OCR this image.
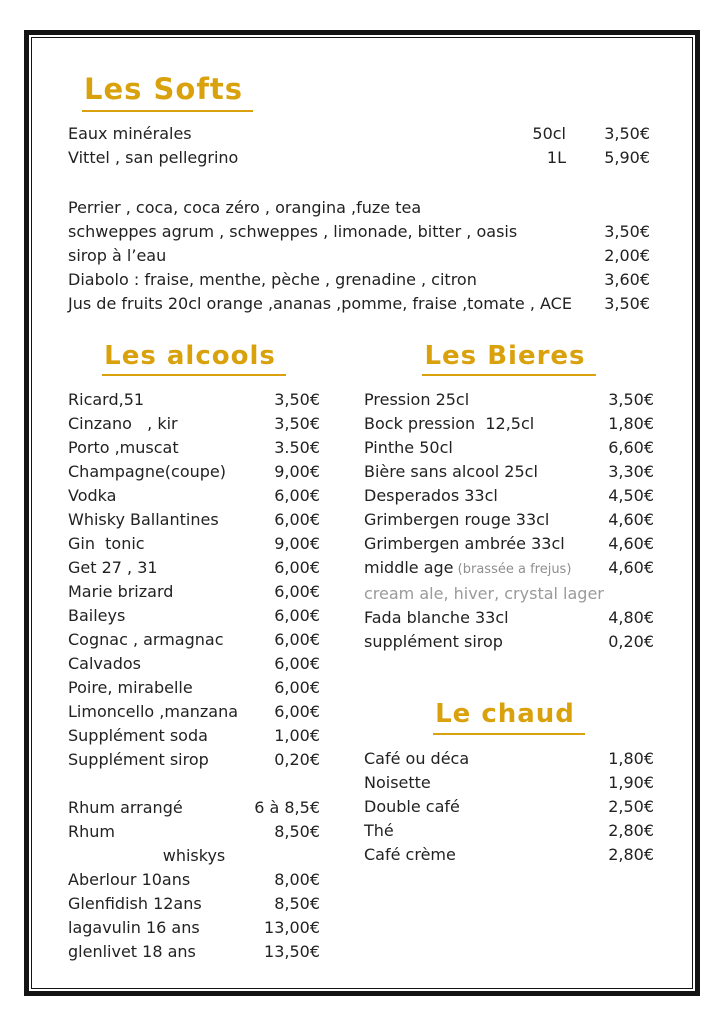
Les Softs
Eaux minérales	50cl	3,50€
Vittel , san pellegrino	1L	5,90€
Perrier , coca, coca zéro , orangina ,fuze tea
schweppes agrum , schweppes , limonade, bitter , oasis	3,50€
sirop à l’eau	2,00€
Diabolo : fraise, menthe, pèche , grenadine , citron	3,60€
Jus de fruits 20cl orange ,ananas ,pomme, fraise ,tomate , ACE	3,50€
Les alcools
Ricard,51	3,50€
Cinzano   , kir	3,50€
Porto ,muscat	3.50€
Champagne(coupe)	9,00€
Vodka	6,00€
Whisky Ballantines	6,00€
Gin  tonic	9,00€
Get 27 , 31	6,00€
Marie brizard	6,00€
Baileys	6,00€
Cognac , armagnac	6,00€
Calvados	6,00€
Poire, mirabelle	6,00€
Limoncello ,manzana	6,00€
Supplément soda	1,00€
Supplément sirop	0,20€
Rhum arrangé	6 à 8,5€
Rhum	8,50€
whiskys
Aberlour 10ans	8,00€
Glenfidish 12ans	8,50€
lagavulin 16 ans	13,00€
glenlivet 18 ans	13,50€
Les Bieres
Pression 25cl	3,50€
Bock pression  12,5cl	1,80€
Pinthe 50cl	6,60€
Bière sans alcool 25cl	3,30€
Desperados 33cl	4,50€
Grimbergen rouge 33cl	4,60€
Grimbergen ambrée 33cl	4,60€
middle age (brassée a frejus)	4,60€
cream ale, hiver, crystal lager
Fada blanche 33cl	4,80€
supplément sirop	0,20€
Le chaud
Café ou déca	1,80€
Noisette	1,90€
Double café	2,50€
Thé	2,80€
Café crème	2,80€
